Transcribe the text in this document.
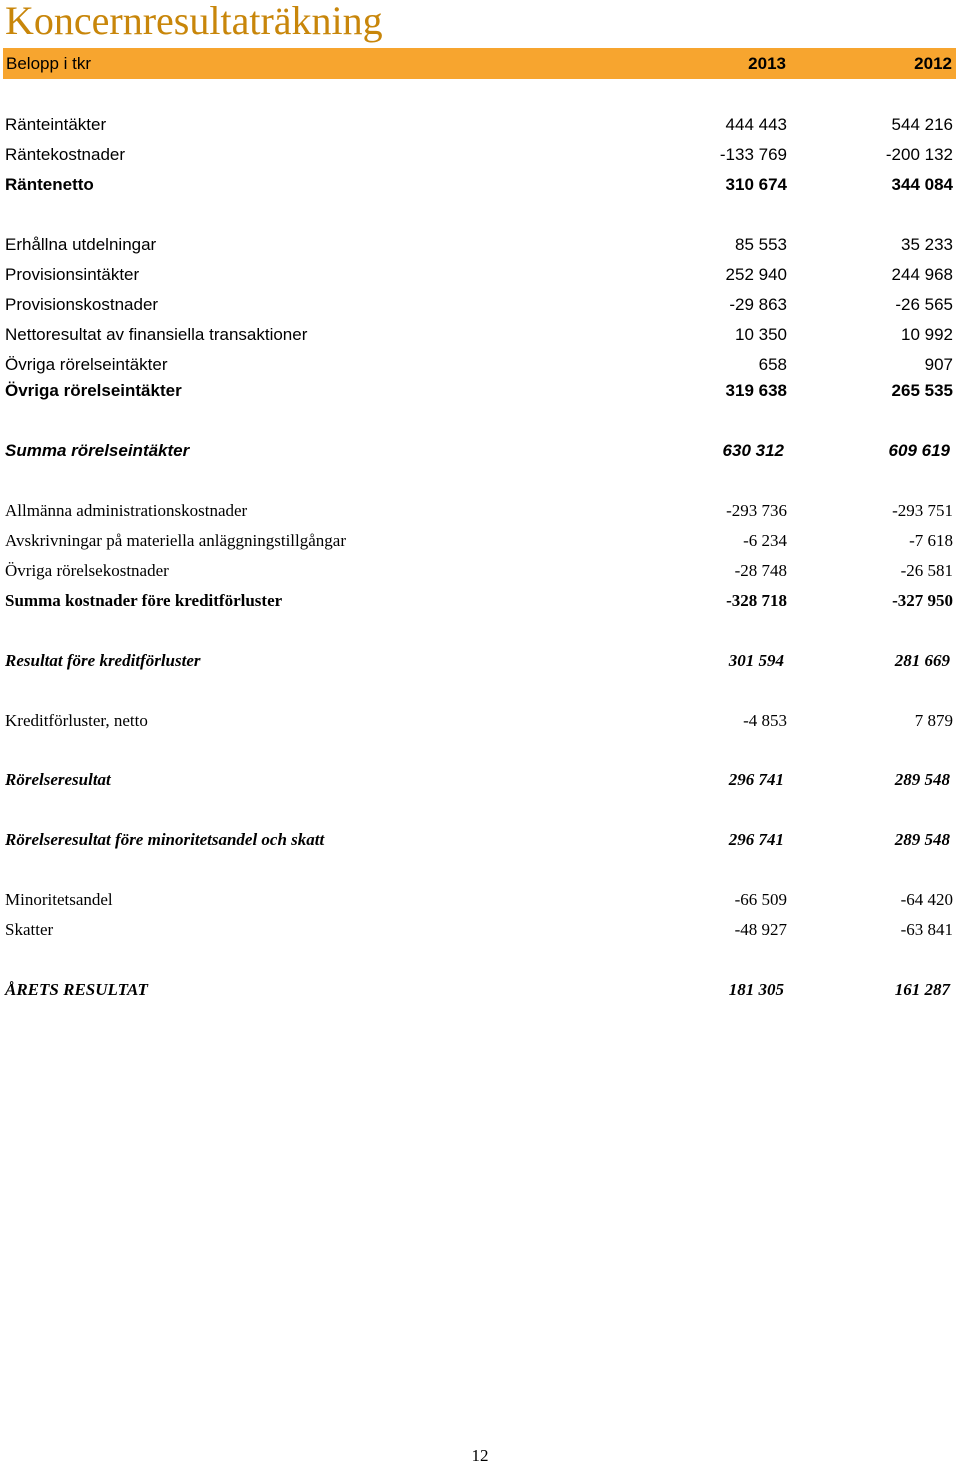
Koncernresultaträkning
Belopp i tkr	2013	2012
Ränteintäkter	444 443	544 216
Räntekostnader	-133 769	-200 132
Räntenetto	310 674	344 084
Erhållna utdelningar	85 553	35 233
Provisionsintäkter	252 940	244 968
Provisionskostnader	-29 863	-26 565
Nettoresultat av finansiella transaktioner	10 350	10 992
Övriga rörelseintäkter	658	907
Övriga rörelseintäkter	319 638	265 535
Summa rörelseintäkter	630 312	609 619
Allmänna administrationskostnader	-293 736	-293 751
Avskrivningar på materiella anläggningstillgångar	-6 234	-7 618
Övriga rörelsekostnader	-28 748	-26 581
Summa kostnader före kreditförluster	-328 718	-327 950
Resultat före kreditförluster	301 594	281 669
Kreditförluster, netto	-4 853	7 879
Rörelseresultat	296 741	289 548
Rörelseresultat före minoritetsandel och skatt	296 741	289 548
Minoritetsandel	-66 509	-64 420
Skatter	-48 927	-63 841
ÅRETS RESULTAT	181 305	161 287
12
